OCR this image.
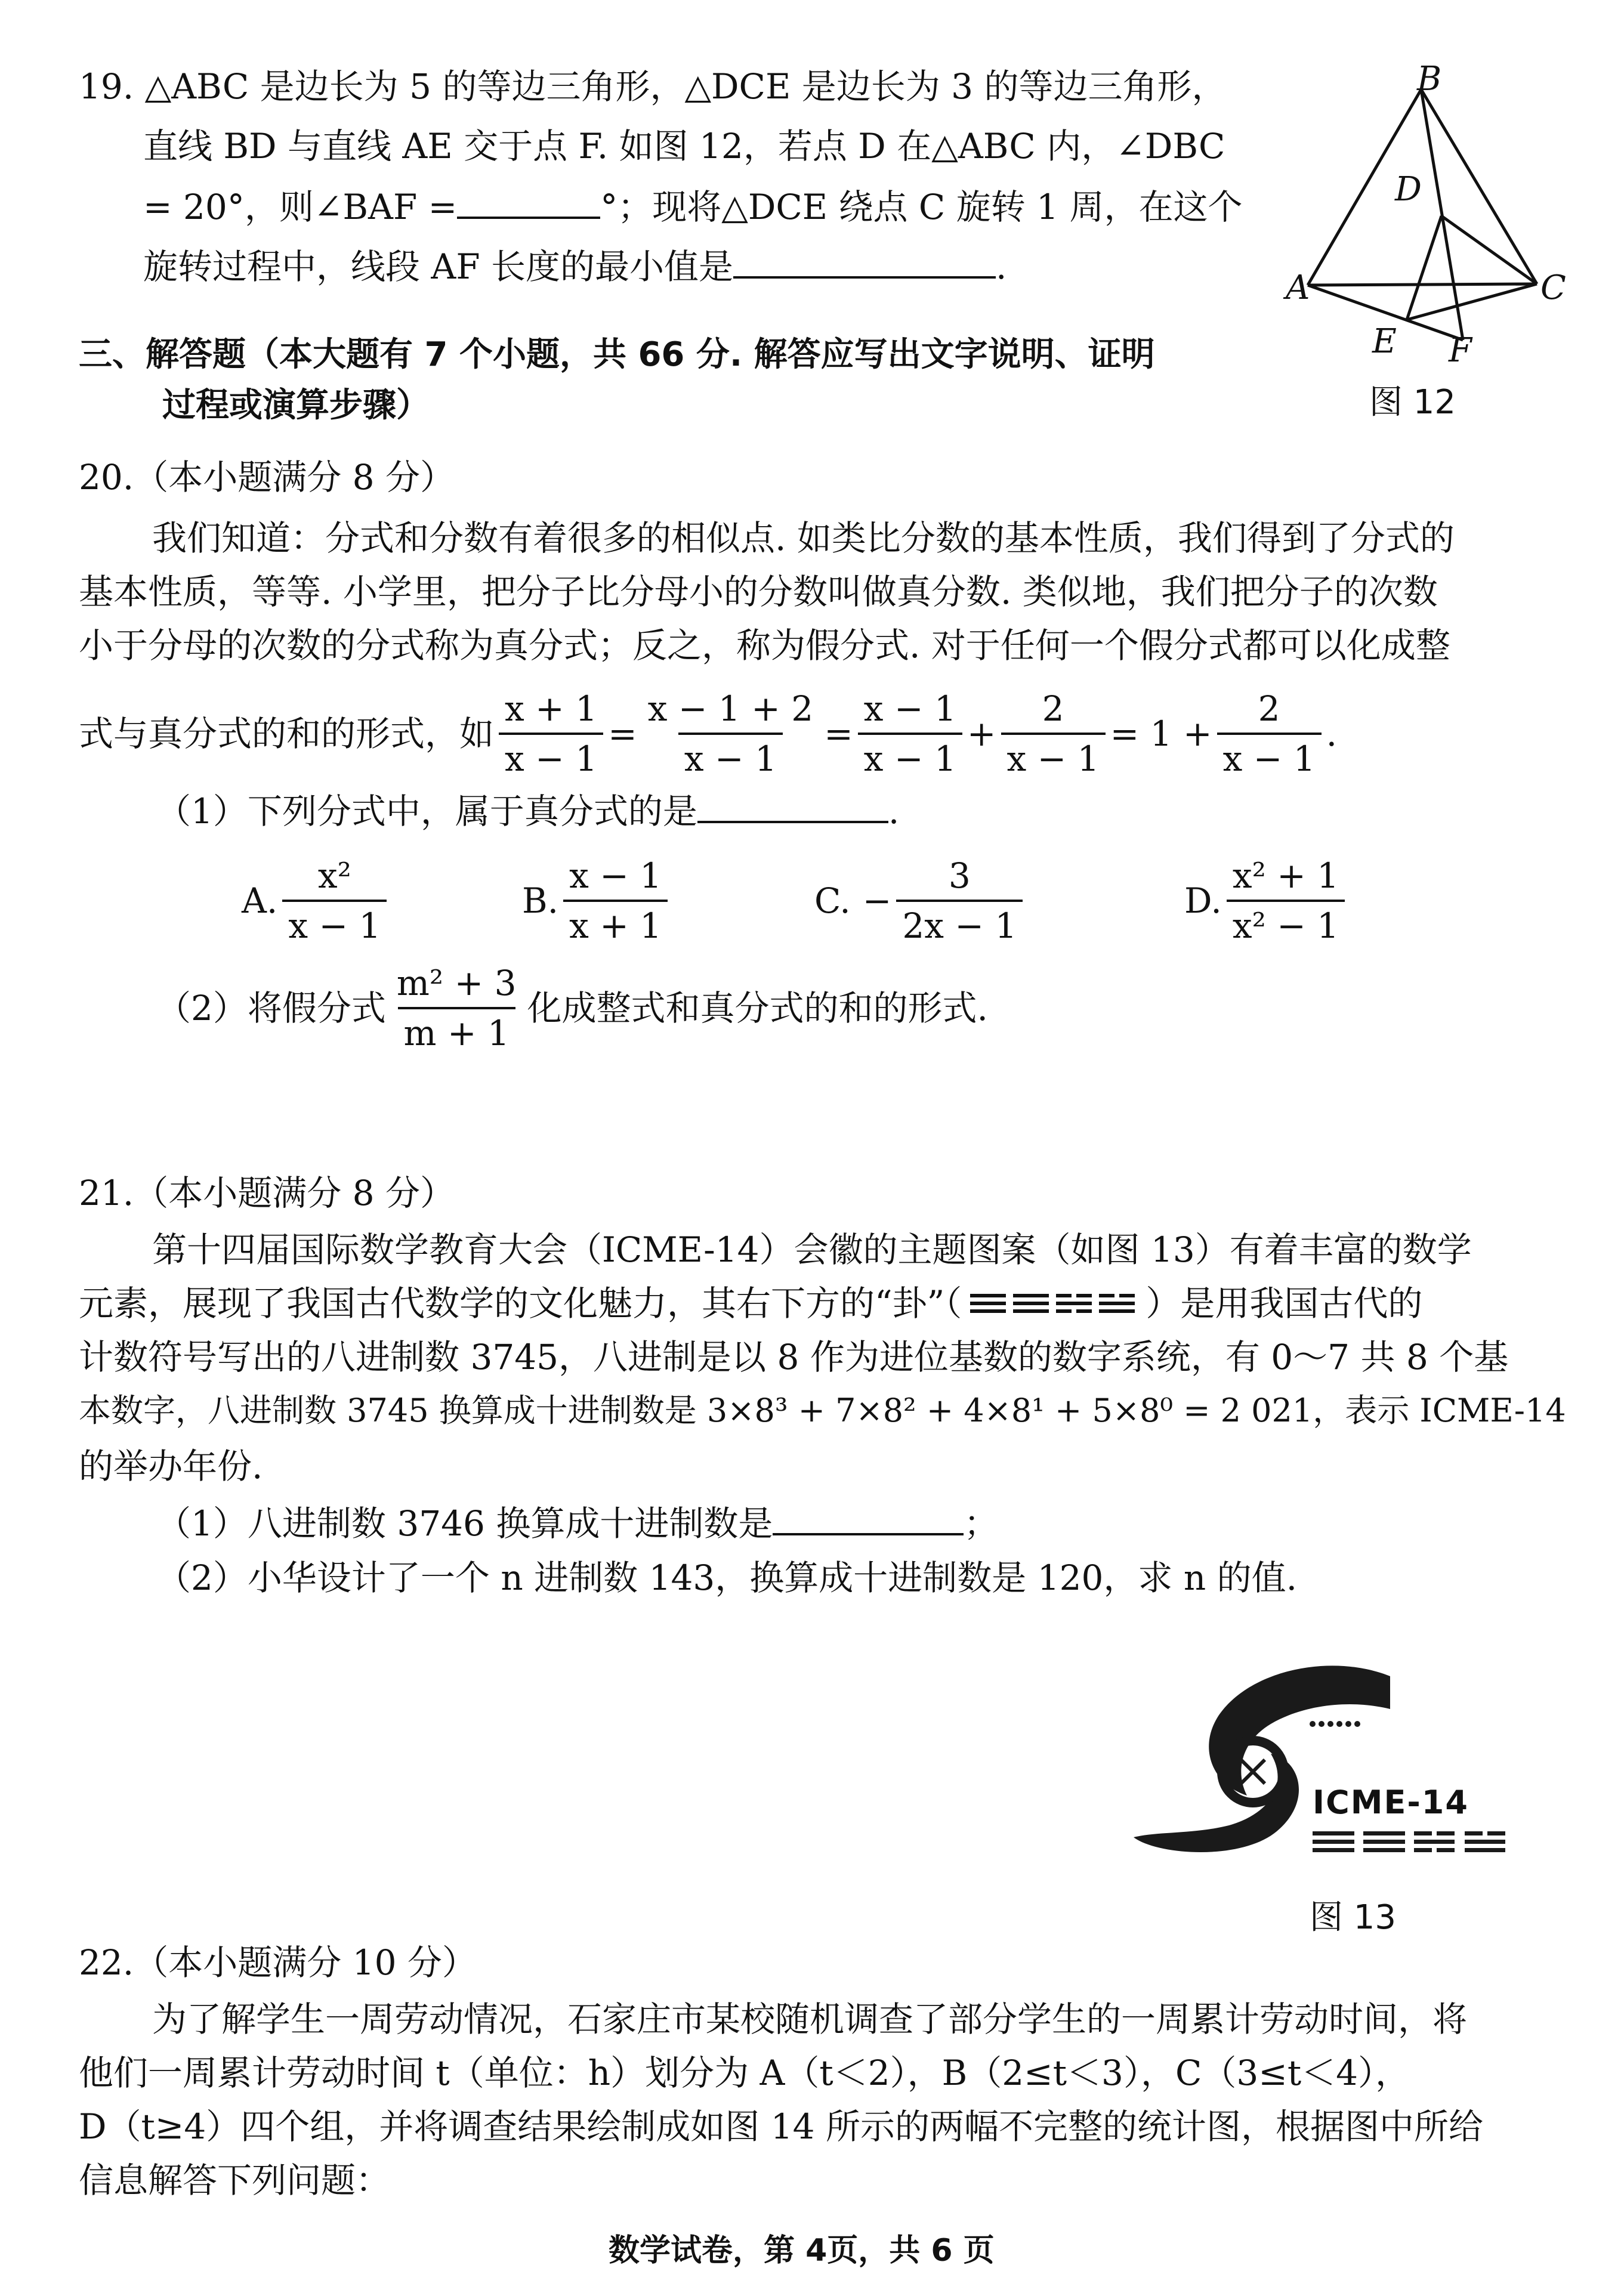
19. △ABC 是边长为 5 的等边三角形，△DCE 是边长为 3 的等边三角形，
直线 BD 与直线 AE 交于点 F. 如图 12，若点 D 在△ABC 内，∠DBC
= 20°，则∠BAF =	°；现将△DCE 绕点 C 旋转 1 周，在这个
旋转过程中，线段 AF 长度的最小值是	.
B
D
A	C
E F
图 12
三、解答题（本大题有 7 个小题，共 66 分. 解答应写出文字说明、证明
过程或演算步骤）
20.（本小题满分 8 分）
我们知道：分式和分数有着很多的相似点. 如类比分数的基本性质，我们得到了分式的
基本性质，等等. 小学里，把分子比分母小的分数叫做真分数. 类似地，我们把分子的次数
小于分母的次数的分式称为真分式；反之，称为假分式. 对于任何一个假分式都可以化成整
式与真分式的和的形式，如 $\frac{x + 1}{x - 1} = \frac{x - 1 + 2}{x - 1} = \frac{x - 1}{x - 1} + \frac{2}{x - 1} = 1 + \frac{2}{x - 1}$ .
（1）下列分式中，属于真分式的是	.
A. $\frac{\text{x²}}{x - 1}$	B. $\frac{x - 1}{x + 1}$	C. − $\frac{3}{2x - 1}$	D. $\frac{\text{x² + 1}}{\text{x² − 1}}$
（2）将假分式 $\frac{\text{m² + 3}}{m + 1}$ 化成整式和真分式的和的形式.
21.（本小题满分 8 分）
第十四届国际数学教育大会（ICME-14）会徽的主题图案（如图 13）有着丰富的数学
元素，展现了我国古代数学的文化魅力，其右下方的“卦”（	）是用我国古代的
计数符号写出的八进制数 3745，八进制是以 8 作为进位基数的数字系统，有 0～7 共 8 个基
本数字，八进制数 3745 换算成十进制数是 3×8³ + 7×8² + 4×8¹ + 5×8⁰ = 2 021，表示 ICME-14
的举办年份.
（1）八进制数 3746 换算成十进制数是	；
（2）小华设计了一个 n 进制数 143，换算成十进制数是 120，求 n 的值.
ICME-14
图 13
22.（本小题满分 10 分）
为了解学生一周劳动情况，石家庄市某校随机调查了部分学生的一周累计劳动时间，将
他们一周累计劳动时间 t（单位：h）划分为 A（t＜2），B（2≤t＜3），C（3≤t＜4），
D（t≥4）四个组，并将调查结果绘制成如图 14 所示的两幅不完整的统计图，根据图中所给
信息解答下列问题：
数学试卷，第 4页，共 6 页
